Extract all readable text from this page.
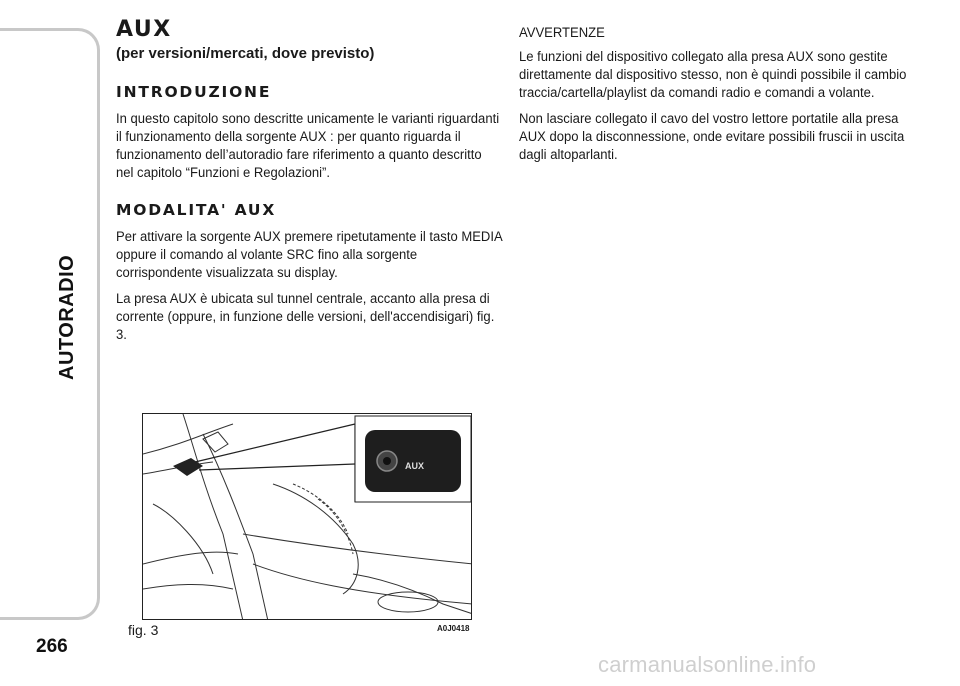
AUTORADIO
266
AUX
(per versioni/mercati, dove previsto)
INTRODUZIONE

In questo capitolo sono descritte unicamente le varianti riguardanti il funzionamento della sorgente AUX : per quanto riguarda il funzionamento dell’autoradio fare riferimento a quanto descritto nel capitolo “Funzioni e Regolazioni”.

MODALITA' AUX

Per attivare la sorgente AUX premere ripetutamente il tasto MEDIA oppure il comando al volante SRC fino alla sorgente corrispondente visualizzata su display.

La presa AUX è ubicata sul tunnel centrale, accanto alla presa di corrente (oppure, in funzione delle versioni, dell'accendisigari) fig. 3.

AVVERTENZE

Le funzioni del dispositivo collegato alla presa AUX sono gestite direttamente dal dispositivo stesso, non è quindi possibile il cambio traccia/cartella/playlist da comandi radio e comandi a volante.

Non lasciare collegato il cavo del vostro lettore portatile alla presa AUX dopo la disconnessione, onde evitare possibili fruscii in uscita dagli altoparlanti.

AUX
fig. 3	A0J0418
carmanualsonline.info
